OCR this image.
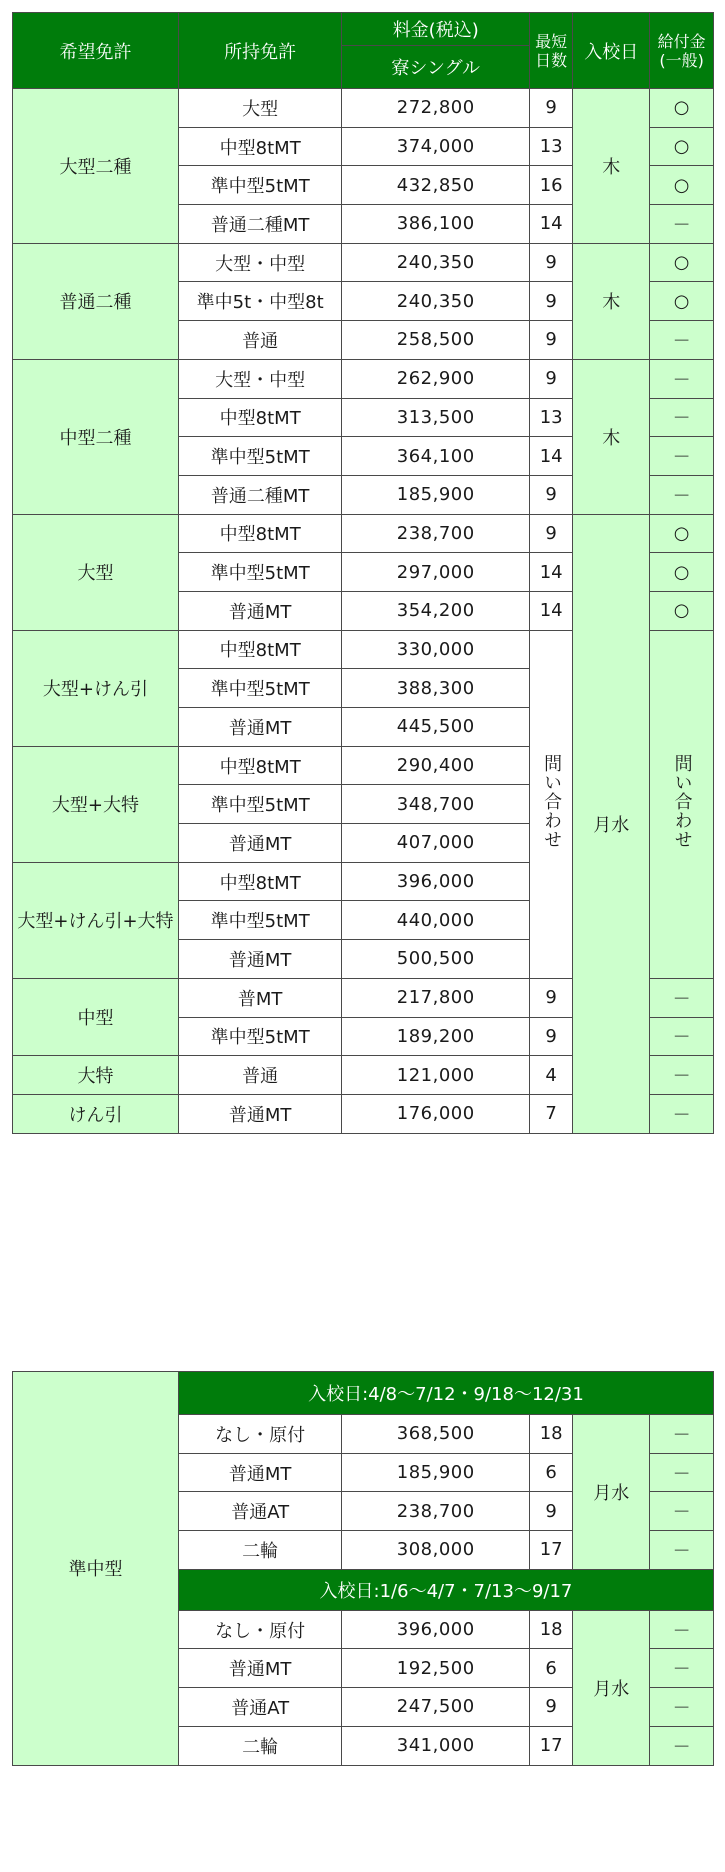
希望免許	所持免許	料金(税込)	最短日数	入校日	給付金(一般)
		寮シングル			
大型二種	大型	272,800	9	木	○
	中型8tMT	374,000	13		○
	準中型5tMT	432,850	16		○
	普通二種MT	386,100	14		－
普通二種	大型・中型	240,350	9	木	○
	準中5t・中型8t	240,350	9		○
	普通	258,500	9		－
中型二種	大型・中型	262,900	9	木	－
	中型8tMT	313,500	13		－
	準中型5tMT	364,100	14		－
	普通二種MT	185,900	9		－
大型	中型8tMT	238,700	9	月水	○
	準中型5tMT	297,000	14		○
	普通MT	354,200	14		○
大型+けん引	中型8tMT	330,000	問い合わせ		問い合わせ
	準中型5tMT	388,300			
	普通MT	445,500			
大型+大特	中型8tMT	290,400			
	準中型5tMT	348,700			
	普通MT	407,000			
大型+けん引+大特	中型8tMT	396,000			
	準中型5tMT	440,000			
	普通MT	500,500			
中型	普MT	217,800	9		－
	準中型5tMT	189,200	9		－
大特	普通	121,000	4		－
けん引	普通MT	176,000	7		－
準中型	入校日:4/8～7/12・9/18～12/31				
	なし・原付	368,500	18	月水	－
	普通MT	185,900	6		－
	普通AT	238,700	9		－
	二輪	308,000	17		－
	入校日:1/6～4/7・7/13～9/17				
	なし・原付	396,000	18	月水	－
	普通MT	192,500	6		－
	普通AT	247,500	9		－
	二輪	341,000	17		－
